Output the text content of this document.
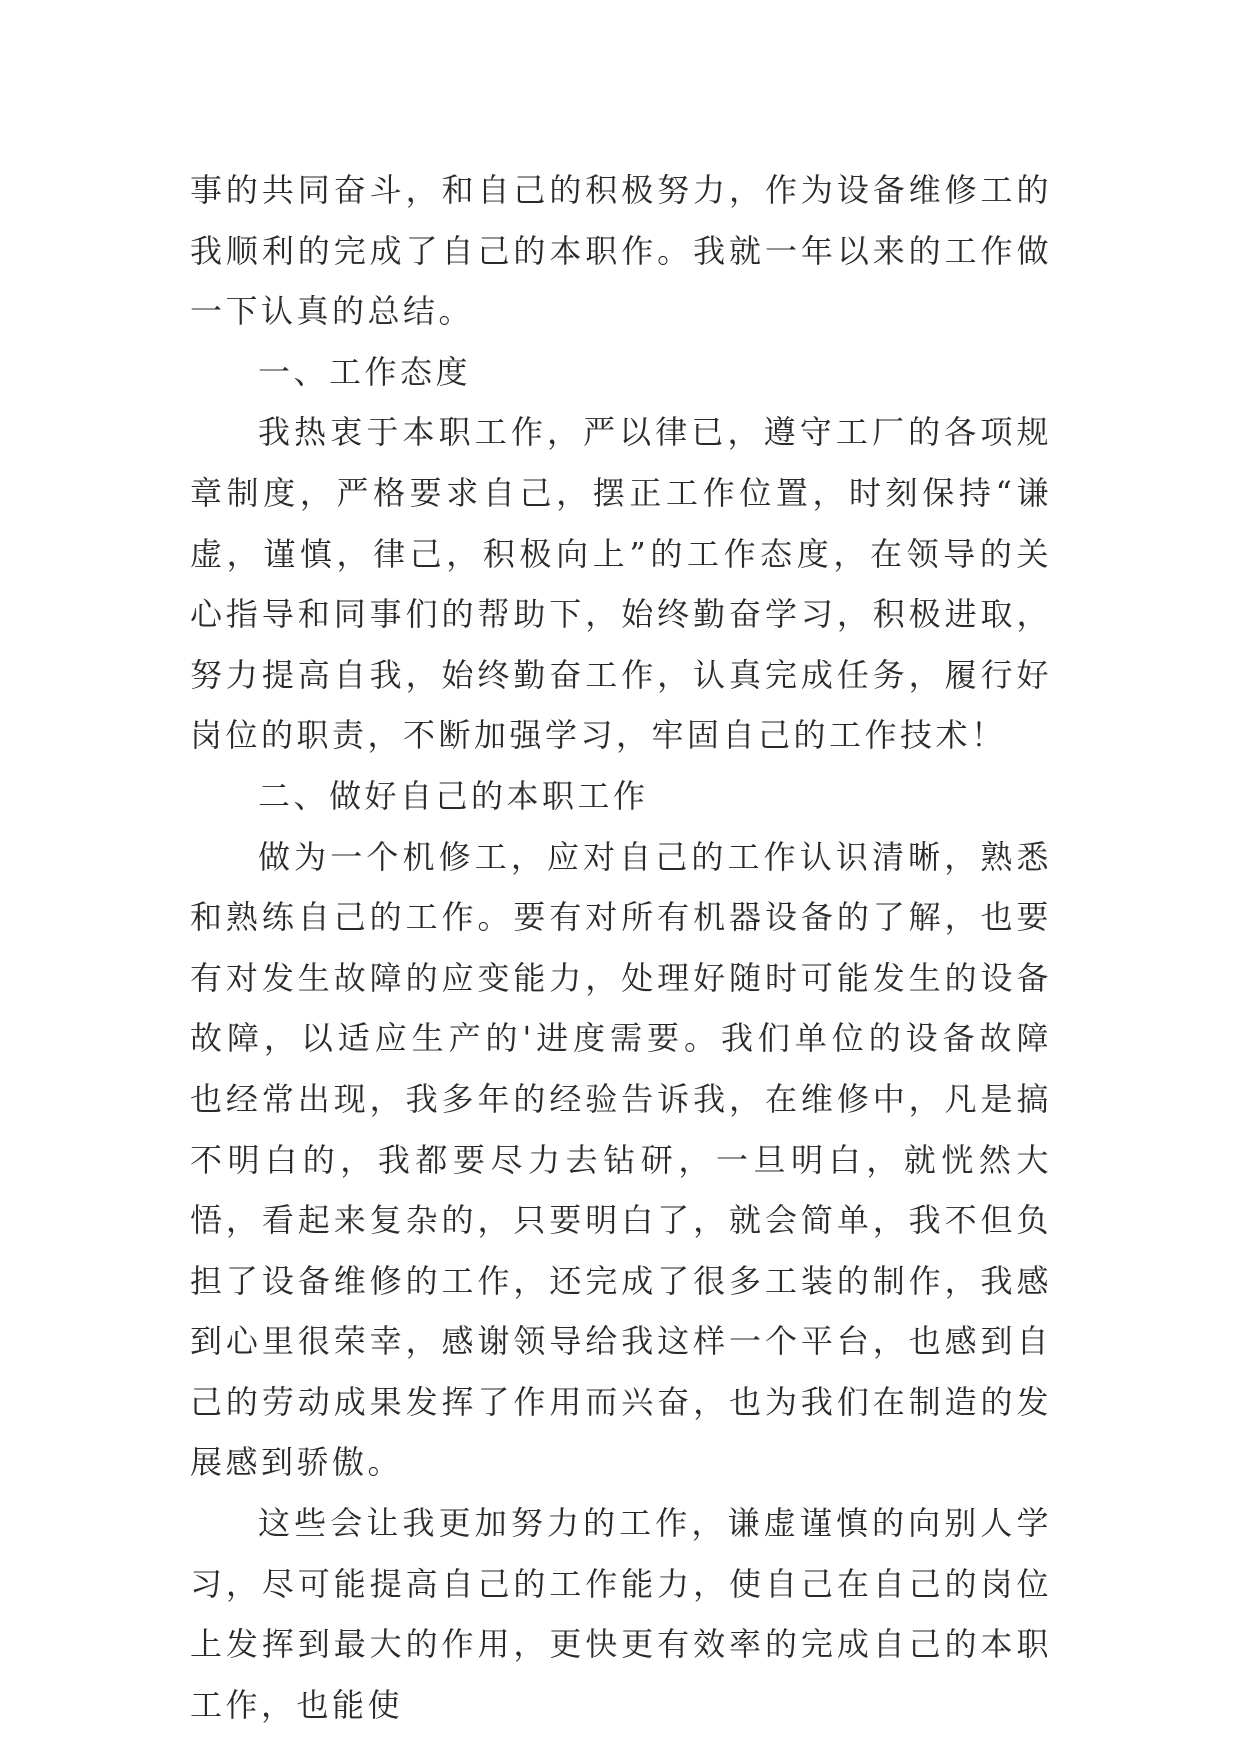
事的共同奋斗，和自己的积极努力，作为设备维修工的我顺利的完成了自己的本职作。我就一年以来的工作做一下认真的总结。

一、工作态度

我热衷于本职工作，严以律已，遵守工厂的各项规章制度，严格要求自己，摆正工作位置，时刻保持“谦虚，谨慎，律己，积极向上”的工作态度，在领导的关心指导和同事们的帮助下，始终勤奋学习，积极进取，努力提高自我，始终勤奋工作，认真完成任务，履行好岗位的职责，不断加强学习，牢固自己的工作技术！

二、做好自己的本职工作

做为一个机修工，应对自己的工作认识清晰，熟悉和熟练自己的工作。要有对所有机器设备的了解，也要有对发生故障的应变能力，处理好随时可能发生的设备故障，以适应生产的'进度需要。我们单位的设备故障也经常出现，我多年的经验告诉我，在维修中，凡是搞不明白的，我都要尽力去钻研，一旦明白，就恍然大悟，看起来复杂的，只要明白了，就会简单，我不但负担了设备维修的工作，还完成了很多工装的制作，我感到心里很荣幸，感谢领导给我这样一个平台，也感到自己的劳动成果发挥了作用而兴奋，也为我们在制造的发展感到骄傲。

这些会让我更加努力的工作，谦虚谨慎的向别人学习，尽可能提高自己的工作能力，使自己在自己的岗位上发挥到最大的作用，更快更有效率的完成自己的本职工作，也能使
